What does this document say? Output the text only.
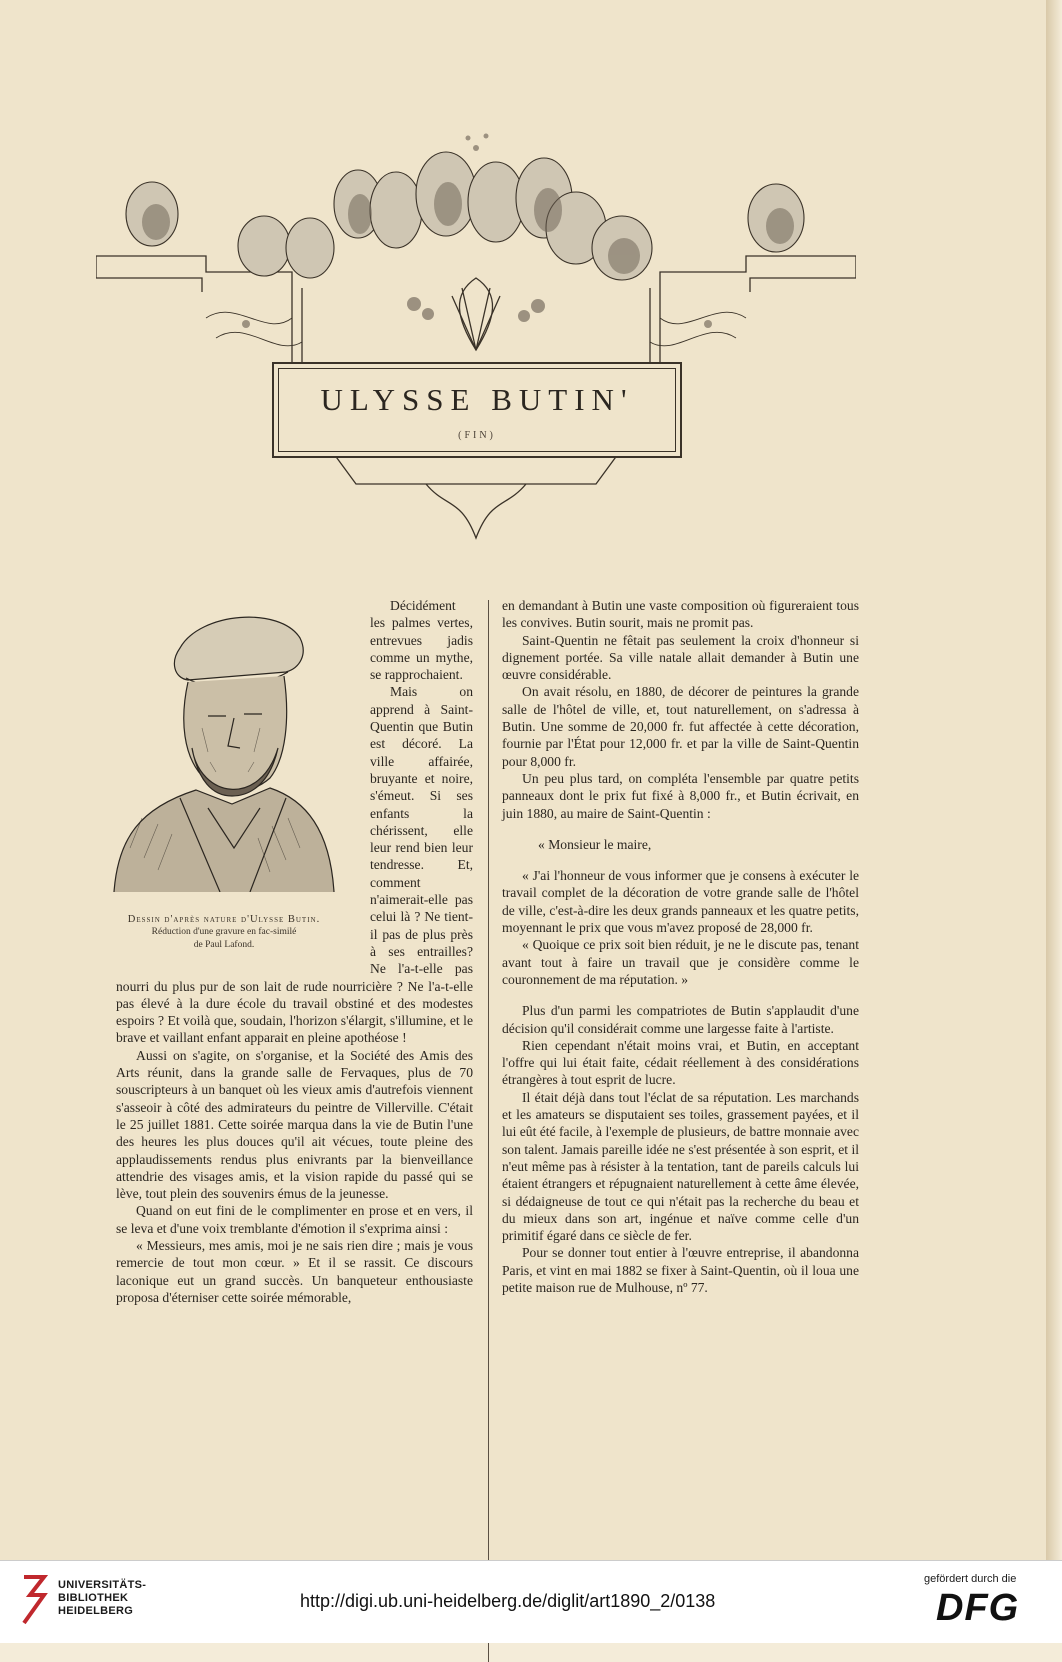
ULYSSE BUTIN'
(FIN)
Dessin d'après nature d'Ulysse Butin.
Réduction d'une gravure en fac-similé
de Paul Lafond.

Décidément les palmes vertes, entrevues jadis comme un mythe, se rapprochaient.

Mais on apprend à Saint-Quentin que Butin est décoré. La ville affairée, bruyante et noire, s'émeut. Si ses enfants la chérissent, elle leur rend bien leur tendresse. Et, comment n'aimerait-elle pas celui là ? Ne tient-il pas de plus près à ses entrailles? Ne l'a-t-elle pas nourri du plus pur de son lait de rude nourricière ? Ne l'a-t-elle pas élevé à la dure école du travail obstiné et des modestes espoirs ? Et voilà que, soudain, l'horizon s'élargit, s'illumine, et le brave et vaillant enfant apparait en pleine apothéose !

Aussi on s'agite, on s'organise, et la Société des Amis des Arts réunit, dans la grande salle de Fervaques, plus de 70 souscripteurs à un banquet où les vieux amis d'autrefois viennent s'asseoir à côté des admirateurs du peintre de Villerville. C'était le 25 juillet 1881. Cette soirée marqua dans la vie de Butin l'une des heures les plus douces qu'il ait vécues, toute pleine des applaudissements rendus plus enivrants par la bienveillance attendrie des visages amis, et la vision rapide du passé qui se lève, tout plein des souvenirs émus de la jeunesse.

Quand on eut fini de le complimenter en prose et en vers, il se leva et d'une voix tremblante d'émotion il s'exprima ainsi :

« Messieurs, mes amis, moi je ne sais rien dire ; mais je vous remercie de tout mon cœur. » Et il se rassit. Ce discours laconique eut un grand succès. Un banqueteur enthousiaste proposa d'éterniser cette soirée mémorable,

en demandant à Butin une vaste composition où figureraient tous les convives. Butin sourit, mais ne promit pas.

Saint-Quentin ne fêtait pas seulement la croix d'honneur si dignement portée. Sa ville natale allait demander à Butin une œuvre considérable.

On avait résolu, en 1880, de décorer de peintures la grande salle de l'hôtel de ville, et, tout naturellement, on s'adressa à Butin. Une somme de 20,000 fr. fut affectée à cette décoration, fournie par l'État pour 12,000 fr. et par la ville de Saint-Quentin pour 8,000 fr.

Un peu plus tard, on compléta l'ensemble par quatre petits panneaux dont le prix fut fixé à 8,000 fr., et Butin écrivait, en juin 1880, au maire de Saint-Quentin :

« Monsieur le maire,

« J'ai l'honneur de vous informer que je consens à exécuter le travail complet de la décoration de votre grande salle de l'hôtel de ville, c'est-à-dire les deux grands panneaux et les quatre petits, moyennant le prix que vous m'avez proposé de 28,000 fr.

« Quoique ce prix soit bien réduit, je ne le discute pas, tenant avant tout à faire un travail que je considère comme le couronnement de ma réputation. »

Plus d'un parmi les compatriotes de Butin s'applaudit d'une décision qu'il considérait comme une largesse faite à l'artiste.

Rien cependant n'était moins vrai, et Butin, en acceptant l'offre qui lui était faite, cédait réellement à des considérations étrangères à tout esprit de lucre.

Il était déjà dans tout l'éclat de sa réputation. Les marchands et les amateurs se disputaient ses toiles, grassement payées, et il lui eût été facile, à l'exemple de plusieurs, de battre monnaie avec son talent. Jamais pareille idée ne s'est présentée à son esprit, et il n'eut même pas à résister à la tentation, tant de pareils calculs lui étaient étrangers et répugnaient naturellement à cette âme élevée, si dédaigneuse de tout ce qui n'était pas la recherche du beau et du mieux dans son art, ingénue et naïve comme celle d'un primitif égaré dans ce siècle de fer.

Pour se donner tout entier à l'œuvre entreprise, il abandonna Paris, et vint en mai 1882 se fixer à Saint-Quentin, où il loua une petite maison rue de Mulhouse, nº 77.

UNIVERSITÄTS-
BIBLIOTHEK
HEIDELBERG	http://digi.ub.uni-heidelberg.de/diglit/art1890_2/0138
gefördert durch die
DFG
